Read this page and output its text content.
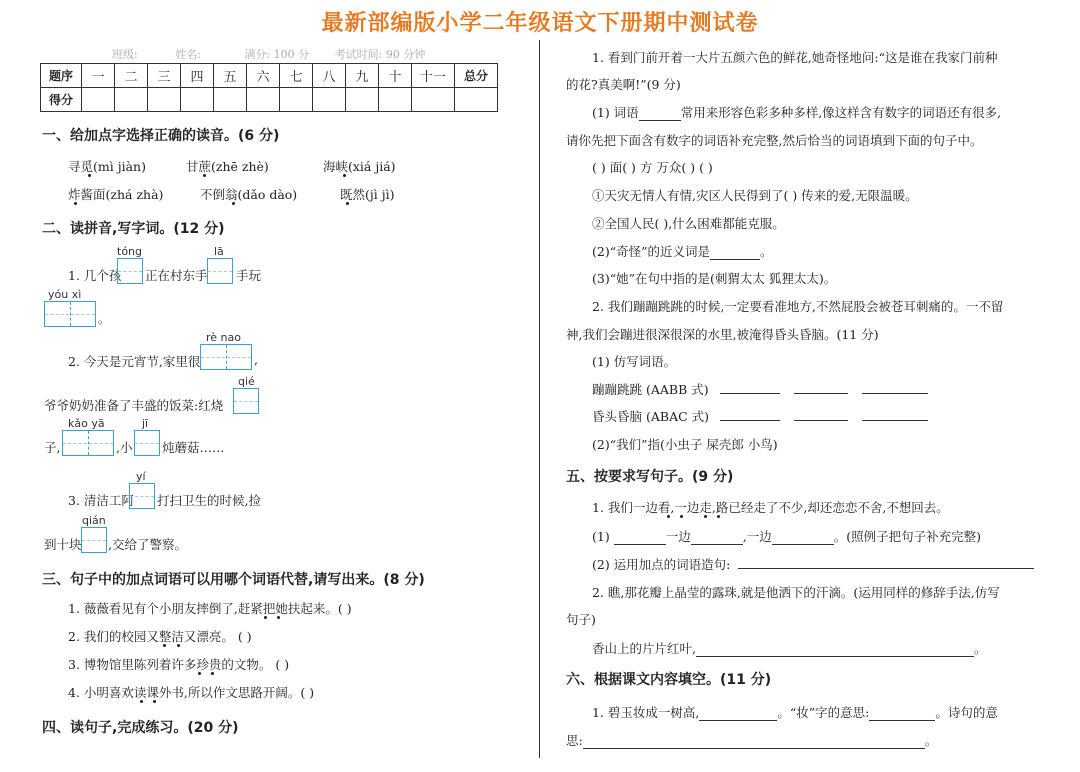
最新部编版小学二年级语文下册期中测试卷
班级:	姓名:	满分: 100 分 考试时间: 90 分钟
题序	一	二	三	四	五	六	七	八	九	十	十一	总分
得分												
一、给加点字选择正确的读音。(6 分)
寻觅(mì jiàn)	甘蔗(zhē zhè)	海峡(xiá jiá)
炸酱面(zhá zhà)	不倒翁(dǎo dào)	既然(jì jì)
二、读拼音,写字词。(12 分)
tóng	lā
1. 几个孩 正在村东手 手玩
yóu xì
。
rè nao
2. 今天是元宵节,家里很	,
qié
爷爷奶奶准备了丰盛的饭菜:红烧
kǎo yā	jī
子,	,小 炖蘑菇……
yí
3. 清洁工阿 打扫卫生的时候,捡
qián
到十块 ,交给了警察。
三、句子中的加点词语可以用哪个词语代替,请写出来。(8 分)
1. 薇薇看见有个小朋友摔倒了,赶紧把她扶起来。( )
2. 我们的校园又整洁又漂亮。 ( )
3. 博物馆里陈列着许多珍贵的文物。 ( )
4. 小明喜欢读课外书,所以作文思路开阔。( )
四、读句子,完成练习。(20 分)
1. 看到门前开着一大片五颜六色的鲜花,她奇怪地问:“这是谁在我家门前种
的花?真美啊!”(9 分)
(1) 词语	常用来形容色彩多种多样,像这样含有数字的词语还有很多,
请你先把下面含有数字的词语补充完整,然后恰当的词语填到下面的句子中。
( ) 面( ) 方 万众( ) ( )
①天灾无情人有情,灾区人民得到了( ) 传来的爱,无限温暖。
②全国人民( ),什么困难都能克服。
(2)“奇怪”的近义词是	。
(3)“她”在句中指的是(刺猬太太 狐狸太太)。
2. 我们蹦蹦跳跳的时候,一定要看准地方,不然屁股会被苍耳刺痛的。一不留
神,我们会蹦进很深很深的水里,被淹得昏头昏脑。(11 分)
(1) 仿写词语。
蹦蹦跳跳 (AABB 式)
昏头昏脑 (ABAC 式)
(2)“我们”指(小虫子 屎壳郎 小鸟)
五、按要求写句子。(9 分)
1. 我们一边看,一边走,路已经走了不少,却还恋恋不舍,不想回去。
(1)	一边	,一边	。(照例子把句子补充完整)
(2) 运用加点的词语造句:
2. 瞧,那花瓣上晶莹的露珠,就是他洒下的汗滴。(运用同样的修辞手法,仿写
句子)
香山上的片片红叶,	。
六、根据课文内容填空。(11 分)
1. 碧玉妆成一树高,	。“妆”字的意思:	。诗句的意
思:	。
